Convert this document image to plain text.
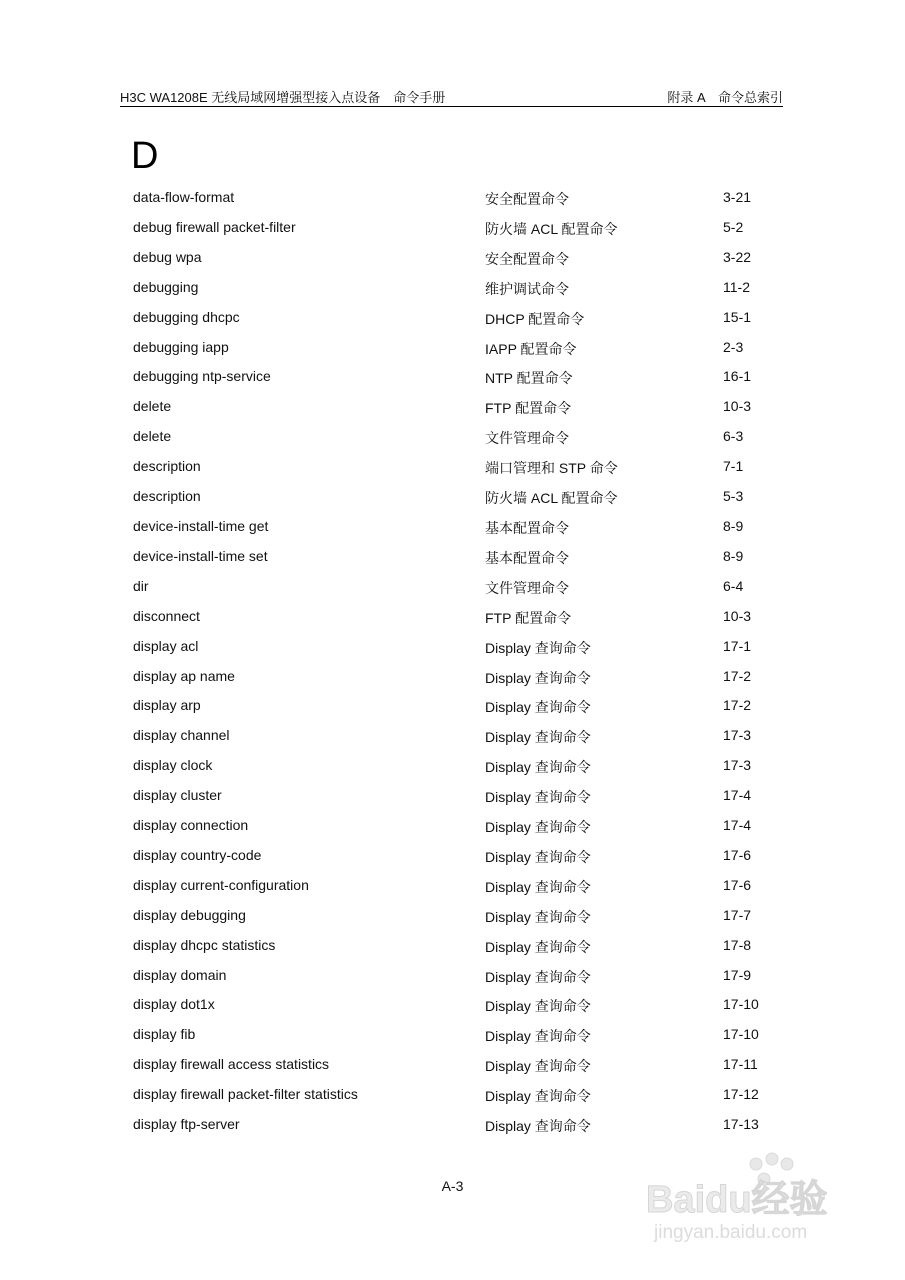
H3C WA1208E 无线局域网增强型接入点设备　命令手册	附录 A　命令总索引
D
data-flow-format	安全配置命令	3-21
debug firewall packet-filter	防火墙 ACL 配置命令	5-2
debug wpa	安全配置命令	3-22
debugging	维护调试命令	11-2
debugging dhcpc	DHCP 配置命令	15-1
debugging iapp	IAPP 配置命令	2-3
debugging ntp-service	NTP 配置命令	16-1
delete	FTP 配置命令	10-3
delete	文件管理命令	6-3
description	端口管理和 STP 命令	7-1
description	防火墙 ACL 配置命令	5-3
device-install-time get	基本配置命令	8-9
device-install-time set	基本配置命令	8-9
dir	文件管理命令	6-4
disconnect	FTP 配置命令	10-3
display acl	Display 查询命令	17-1
display ap name	Display 查询命令	17-2
display arp	Display 查询命令	17-2
display channel	Display 查询命令	17-3
display clock	Display 查询命令	17-3
display cluster	Display 查询命令	17-4
display connection	Display 查询命令	17-4
display country-code	Display 查询命令	17-6
display current-configuration	Display 查询命令	17-6
display debugging	Display 查询命令	17-7
display dhcpc statistics	Display 查询命令	17-8
display domain	Display 查询命令	17-9
display dot1x	Display 查询命令	17-10
display fib	Display 查询命令	17-10
display firewall access statistics	Display 查询命令	17-11
display firewall packet-filter statistics	Display 查询命令	17-12
display ftp-server	Display 查询命令	17-13
A-3	Baidu经验
jingyan.baidu.com
